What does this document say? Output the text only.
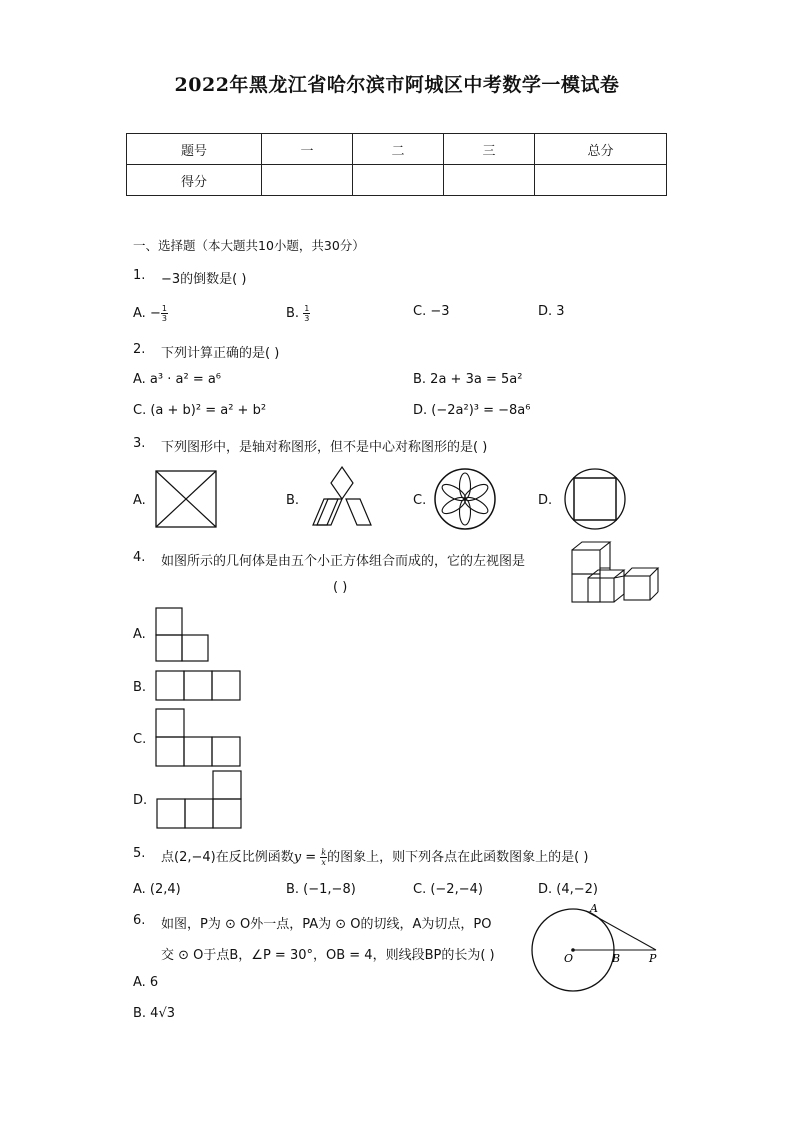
2022年黑龙江省哈尔滨市阿城区中考数学一模试卷
题号	一	二	三	总分
得分				
一、选择题（本大题共10小题，共30分）
1. −3的倒数是( )
A. − $\frac{1}{3}$	B. $\frac{1}{3}$	C. −3	D. 3
2. 下列计算正确的是( )
A. a³ · a² = a⁶	B. 2a + 3a = 5a²
C. (a + b)² = a² + b²	D. (−2a²)³ = −8a⁶
3. 下列图形中，是轴对称图形，但不是中心对称图形的是( )
A.	B.	C.	D.
4. 如图所示的几何体是由五个小正方体组合而成的，它的左视图是
( )
A.
B.
C.
D.
5. 点(2,−4)在反比例函数$y = \frac{k}{x}$ 的图象上，则下列各点在此函数图象上的是( )
A. (2,4)	B. (−1,−8)	C. (−2,−4)	D. (4,−2)
6. 如图，P为 ⊙ O外一点，PA为 ⊙ O的切线，A为切点，PO
交 ⊙ O于点B，∠P = 30°，OB = 4，则线段BP的长为( )
A. 6
B. 4√3
A
O	B	P
